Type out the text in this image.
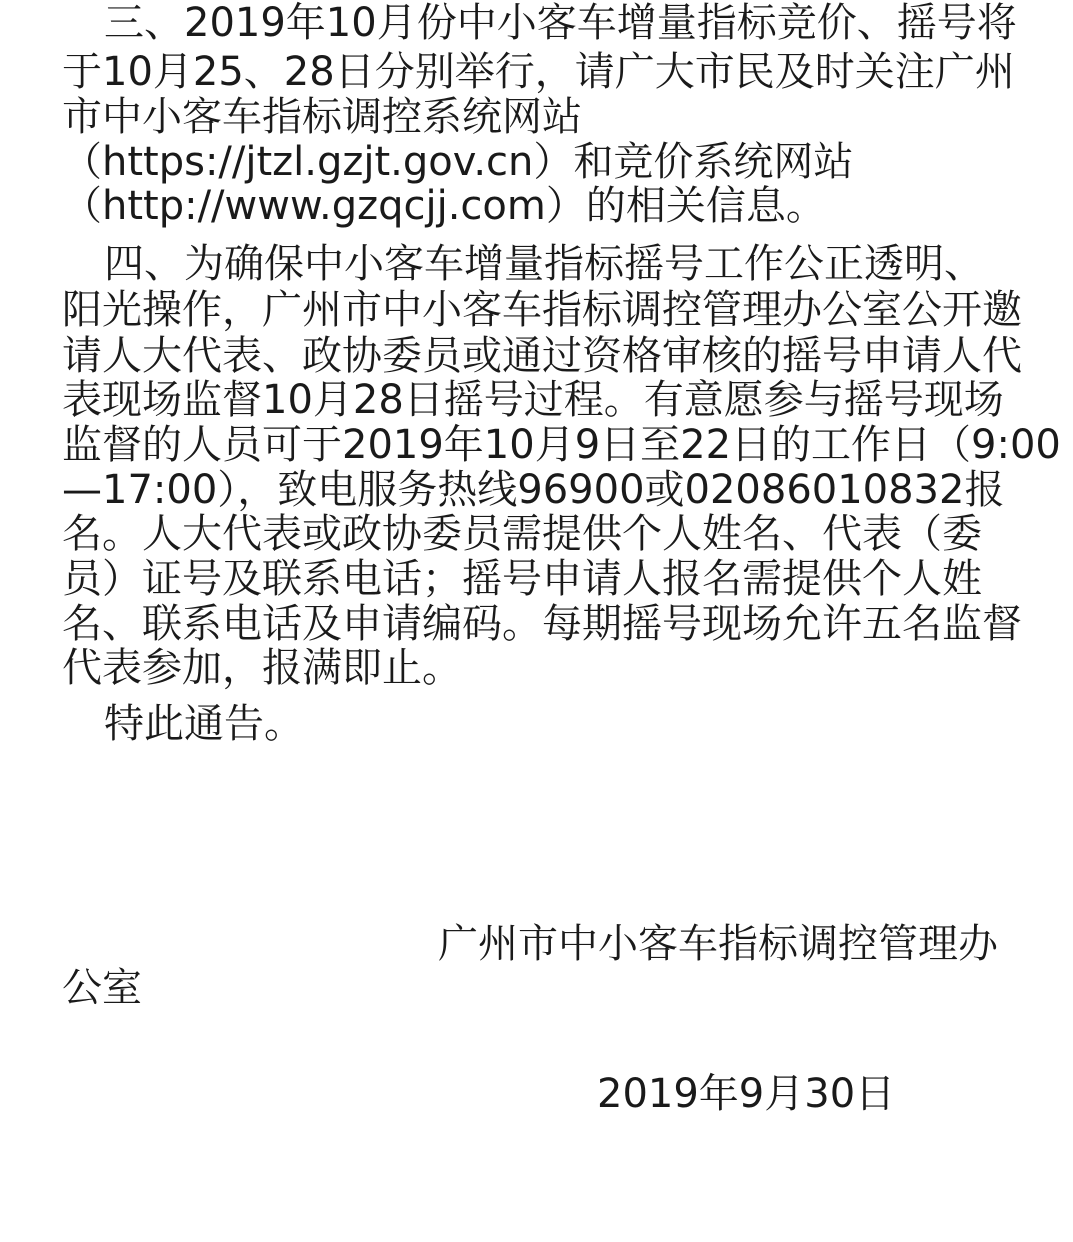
三、2019年10月份中小客车增量指标竞价、摇号将
于10月25、28日分别举行，请广大市民及时关注广州
市中小客车指标调控系统网站
（https://jtzl.gzjt.gov.cn）和竞价系统网站
（http://www.gzqcjj.com）的相关信息。
四、为确保中小客车增量指标摇号工作公正透明、
阳光操作，广州市中小客车指标调控管理办公室公开邀
请人大代表、政协委员或通过资格审核的摇号申请人代
表现场监督10月28日摇号过程。有意愿参与摇号现场
监督的人员可于2019年10月9日至22日的工作日（9:00
—17:00），致电服务热线96900或02086010832报
名。人大代表或政协委员需提供个人姓名、代表（委
员）证号及联系电话；摇号申请人报名需提供个人姓
名、联系电话及申请编码。每期摇号现场允许五名监督
代表参加，报满即止。
特此通告。
广州市中小客车指标调控管理办
公室
2019年9月30日
